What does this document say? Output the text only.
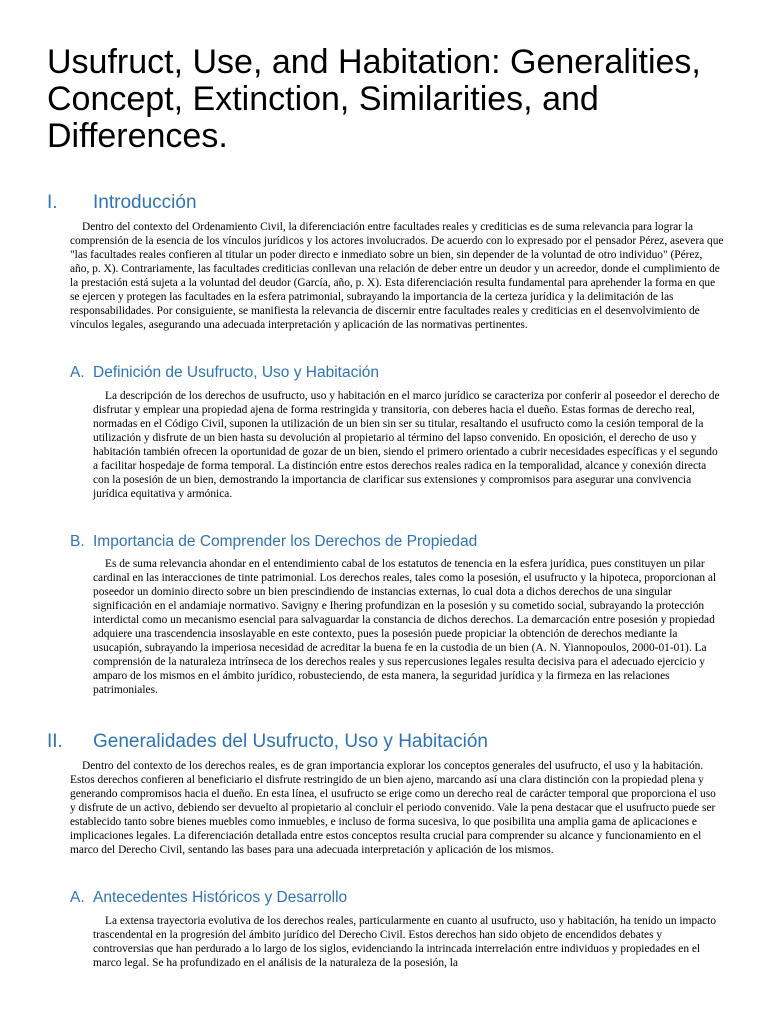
Usufruct, Use, and Habitation: Generalities, Concept, Extinction, Similarities, and Differences.
I. Introducción

Dentro del contexto del Ordenamiento Civil, la diferenciación entre facultades reales y crediticias es de suma relevancia para lograr la comprensión de la esencia de los vínculos jurídicos y los actores involucrados. De acuerdo con lo expresado por el pensador Pérez, asevera que "las facultades reales confieren al titular un poder directo e inmediato sobre un bien, sin depender de la voluntad de otro individuo" (Pérez, año, p. X). Contrariamente, las facultades crediticias conllevan una relación de deber entre un deudor y un acreedor, donde el cumplimiento de la prestación está sujeta a la voluntad del deudor (García, año, p. X). Esta diferenciación resulta fundamental para aprehender la forma en que se ejercen y protegen las facultades en la esfera patrimonial, subrayando la importancia de la certeza jurídica y la delimitación de las responsabilidades. Por consiguiente, se manifiesta la relevancia de discernir entre facultades reales y crediticias en el desenvolvimiento de vínculos legales, asegurando una adecuada interpretación y aplicación de las normativas pertinentes.

A. Definición de Usufructo, Uso y Habitación

La descripción de los derechos de usufructo, uso y habitación en el marco jurídico se caracteriza por conferir al poseedor el derecho de disfrutar y emplear una propiedad ajena de forma restringida y transitoria, con deberes hacia el dueño. Estas formas de derecho real, normadas en el Código Civil, suponen la utilización de un bien sin ser su titular, resaltando el usufructo como la cesión temporal de la utilización y disfrute de un bien hasta su devolución al propietario al término del lapso convenido. En oposición, el derecho de uso y habitación también ofrecen la oportunidad de gozar de un bien, siendo el primero orientado a cubrir necesidades específicas y el segundo a facilitar hospedaje de forma temporal. La distinción entre estos derechos reales radica en la temporalidad, alcance y conexión directa con la posesión de un bien, demostrando la importancia de clarificar sus extensiones y compromisos para asegurar una convivencia jurídica equitativa y armónica.

B. Importancia de Comprender los Derechos de Propiedad

Es de suma relevancia ahondar en el entendimiento cabal de los estatutos de tenencia en la esfera jurídica, pues constituyen un pilar cardinal en las interacciones de tinte patrimonial. Los derechos reales, tales como la posesión, el usufructo y la hipoteca, proporcionan al poseedor un dominio directo sobre un bien prescindiendo de instancias externas, lo cual dota a dichos derechos de una singular significación en el andamiaje normativo. Savigny e Ihering profundizan en la posesión y su cometido social, subrayando la protección interdictal como un mecanismo esencial para salvaguardar la constancia de dichos derechos. La demarcación entre posesión y propiedad adquiere una trascendencia insoslayable en este contexto, pues la posesión puede propiciar la obtención de derechos mediante la usucapión, subrayando la imperiosa necesidad de acreditar la buena fe en la custodia de un bien (A. N. Yiannopoulos, 2000-01-01). La comprensión de la naturaleza intrínseca de los derechos reales y sus repercusiones legales resulta decisiva para el adecuado ejercicio y amparo de los mismos en el ámbito jurídico, robusteciendo, de esta manera, la seguridad jurídica y la firmeza en las relaciones patrimoniales.

II. Generalidades del Usufructo, Uso y Habitación

Dentro del contexto de los derechos reales, es de gran importancia explorar los conceptos generales del usufructo, el uso y la habitación. Estos derechos confieren al beneficiario el disfrute restringido de un bien ajeno, marcando así una clara distinción con la propiedad plena y generando compromisos hacia el dueño. En esta línea, el usufructo se erige como un derecho real de carácter temporal que proporciona el uso y disfrute de un activo, debiendo ser devuelto al propietario al concluir el periodo convenido. Vale la pena destacar que el usufructo puede ser establecido tanto sobre bienes muebles como inmuebles, e incluso de forma sucesiva, lo que posibilita una amplia gama de aplicaciones e implicaciones legales. La diferenciación detallada entre estos conceptos resulta crucial para comprender su alcance y funcionamiento en el marco del Derecho Civil, sentando las bases para una adecuada interpretación y aplicación de los mismos.

A. Antecedentes Históricos y Desarrollo

La extensa trayectoria evolutiva de los derechos reales, particularmente en cuanto al usufructo, uso y habitación, ha tenido un impacto trascendental en la progresión del ámbito jurídico del Derecho Civil. Estos derechos han sido objeto de encendidos debates y controversias que han perdurado a lo largo de los siglos, evidenciando la intrincada interrelación entre individuos y propiedades en el marco legal. Se ha profundizado en el análisis de la naturaleza de la posesión, la
